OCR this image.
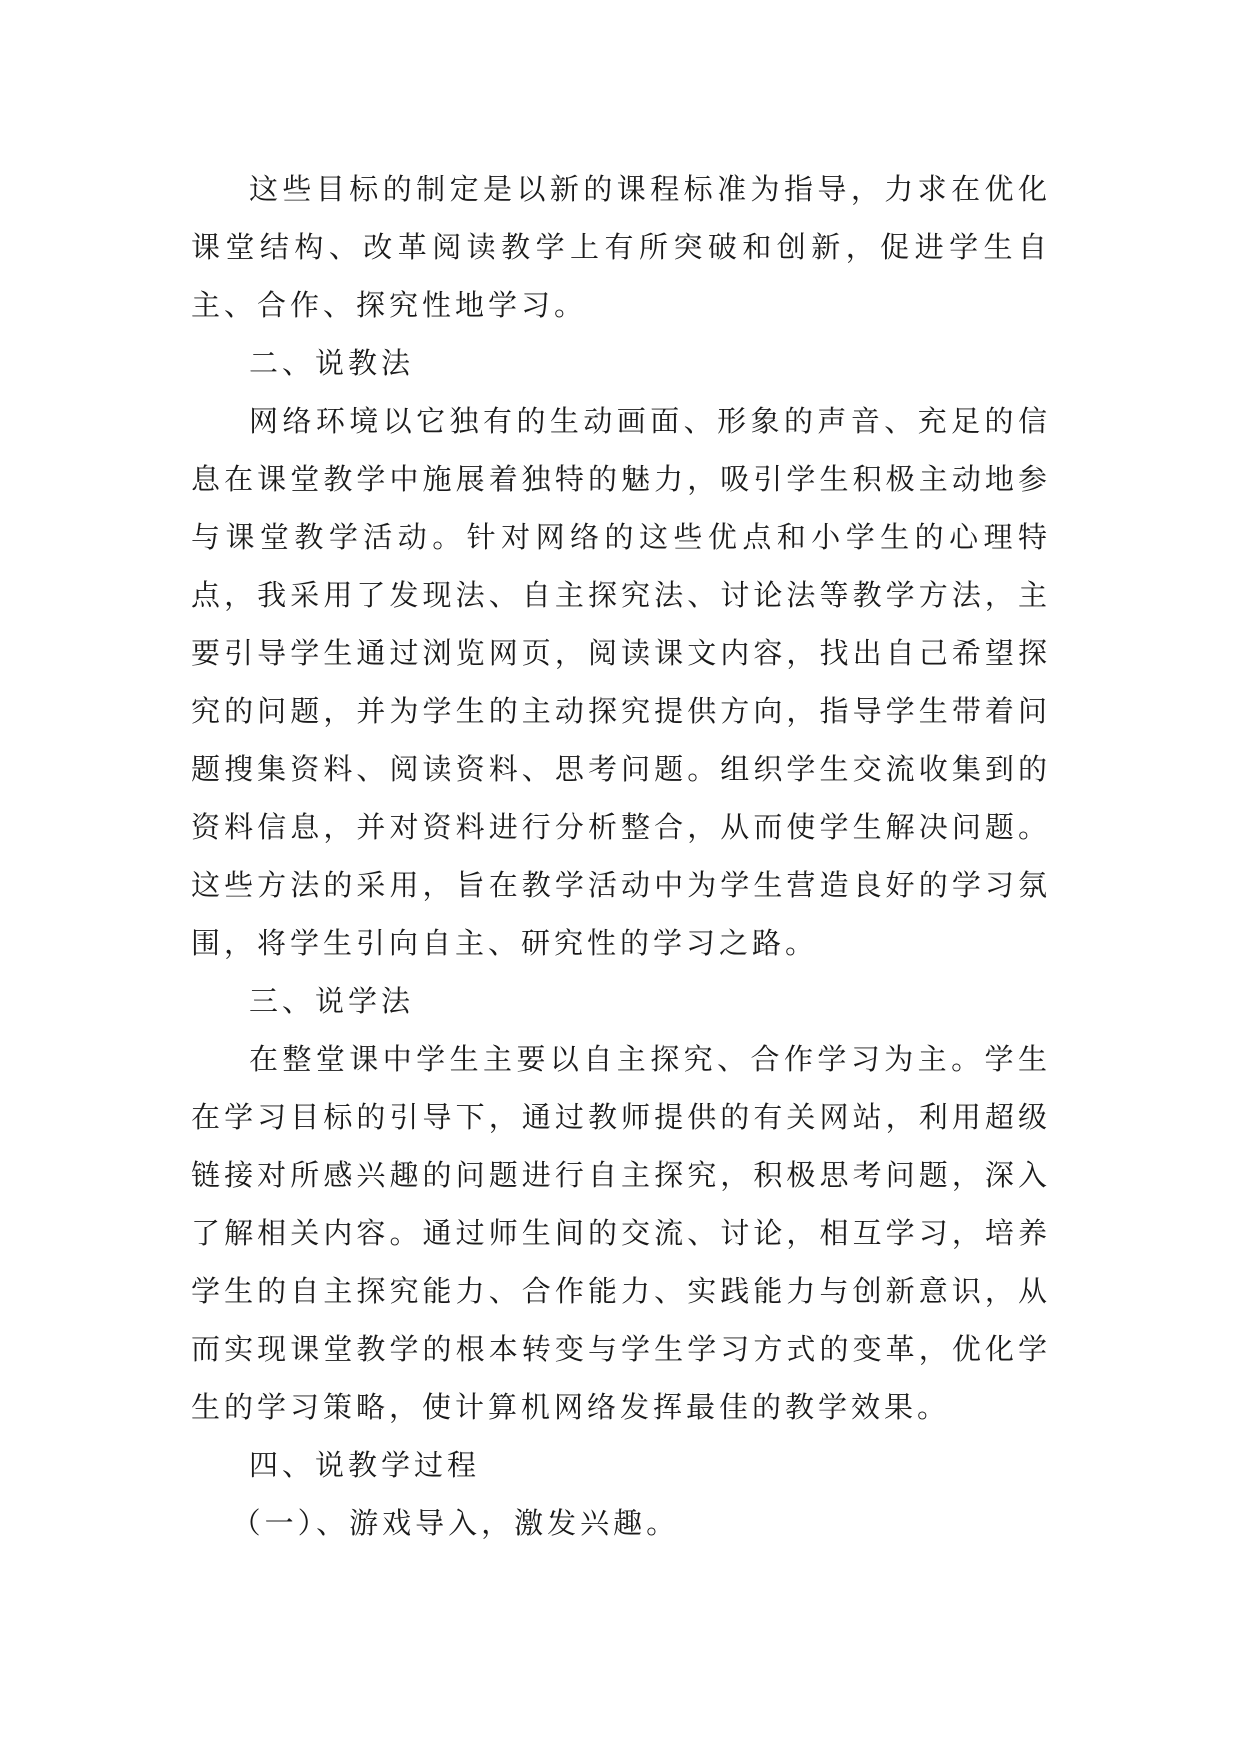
这些目标的制定是以新的课程标准为指导，力求在优化课堂结构、改革阅读教学上有所突破和创新，促进学生自主、合作、探究性地学习。

二、说教法

网络环境以它独有的生动画面、形象的声音、充足的信息在课堂教学中施展着独特的魅力，吸引学生积极主动地参与课堂教学活动。针对网络的这些优点和小学生的心理特点，我采用了发现法、自主探究法、讨论法等教学方法，主要引导学生通过浏览网页，阅读课文内容，找出自己希望探究的问题，并为学生的主动探究提供方向，指导学生带着问题搜集资料、阅读资料、思考问题。组织学生交流收集到的资料信息，并对资料进行分析整合，从而使学生解决问题。这些方法的采用，旨在教学活动中为学生营造良好的学习氛围，将学生引向自主、研究性的学习之路。

三、说学法

在整堂课中学生主要以自主探究、合作学习为主。学生在学习目标的引导下，通过教师提供的有关网站，利用超级链接对所感兴趣的问题进行自主探究，积极思考问题，深入了解相关内容。通过师生间的交流、讨论，相互学习，培养学生的自主探究能力、合作能力、实践能力与创新意识，从而实现课堂教学的根本转变与学生学习方式的变革，优化学生的学习策略，使计算机网络发挥最佳的教学效果。

四、说教学过程

（一）、游戏导入，激发兴趣。
